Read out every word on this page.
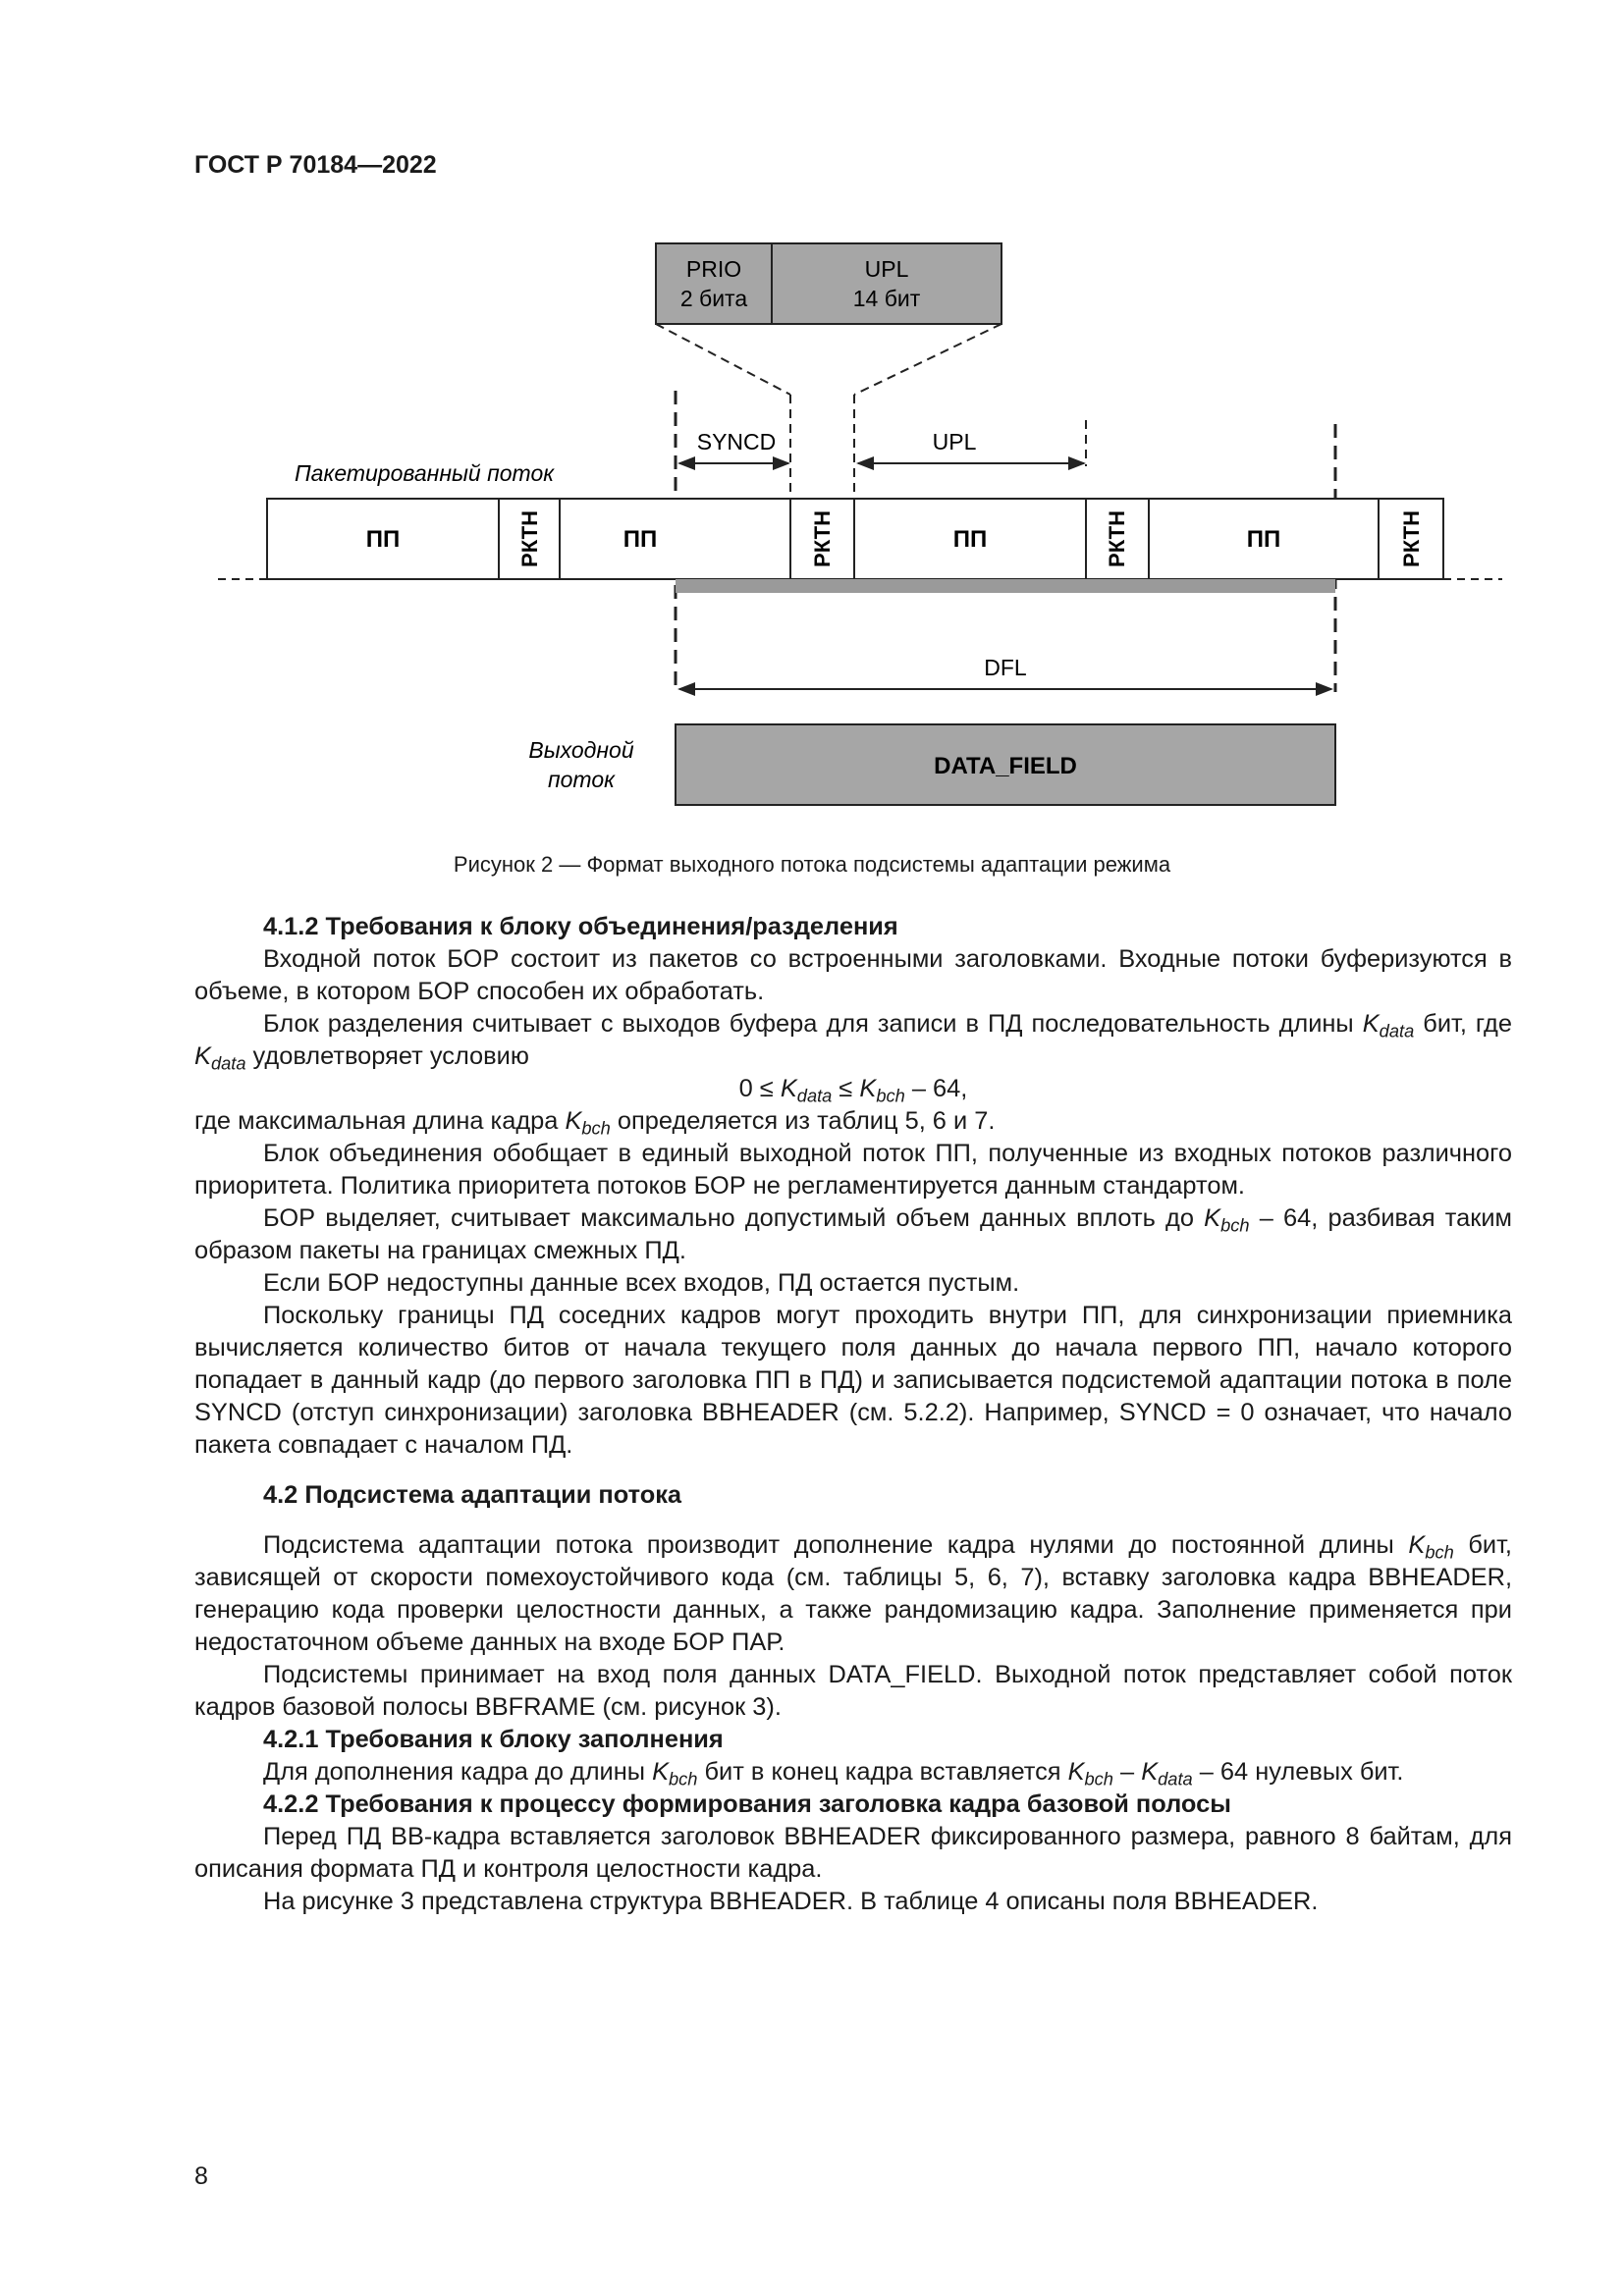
ГОСТ Р 70184—2022
PRIO
2 бита
UPL
14 бит
SYNCD	UPL
Пакетированный поток
ПП	ПП	ПП	ПП
РКТН	РКТН	РКТН	РКТН
DFL
Выходной
поток	DATA_FIELD
Рисунок 2 — Формат выходного потока подсистемы адаптации режима
4.1.2 Требования к блоку объединения/разделения

Входной поток БОР состоит из пакетов со встроенными заголовками. Входные потоки буферизуются в объеме, в котором БОР способен их обработать.

Блок разделения считывает с выходов буфера для записи в ПД последовательность длины $K_{data}$ бит, где $K_{data}$ удовлетворяет условию

$0 \le K_{data} \le K_{bch} - 64$,

где максимальная длина кадра $K_{bch}$ определяется из таблиц 5, 6 и 7.

Блок объединения обобщает в единый выходной поток ПП, полученные из входных потоков различного приоритета. Политика приоритета потоков БОР не регламентируется данным стандартом.

БОР выделяет, считывает максимально допустимый объем данных вплоть до $K_{bch} - 64$, разбивая таким образом пакеты на границах смежных ПД.

Если БОР недоступны данные всех входов, ПД остается пустым.

Поскольку границы ПД соседних кадров могут проходить внутри ПП, для синхронизации приемника вычисляется количество битов от начала текущего поля данных до начала первого ПП, начало которого попадает в данный кадр (до первого заголовка ПП в ПД) и записывается подсистемой адаптации потока в поле SYNCD (отступ синхронизации) заголовка BBHEADER (см. 5.2.2). Например, SYNCD = 0 означает, что начало пакета совпадает с началом ПД.

4.2 Подсистема адаптации потока

Подсистема адаптации потока производит дополнение кадра нулями до постоянной длины $K_{bch}$ бит, зависящей от скорости помехоустойчивого кода (см. таблицы 5, 6, 7), вставку заголовка кадра BBHEADER, генерацию кода проверки целостности данных, а также рандомизацию кадра. Заполнение применяется при недостаточном объеме данных на входе БОР ПАР.

Подсистемы принимает на вход поля данных DATA_FIELD. Выходной поток представляет собой поток кадров базовой полосы BBFRAME (см. рисунок 3).

4.2.1 Требования к блоку заполнения

Для дополнения кадра до длины $K_{bch}$ бит в конец кадра вставляется $K_{bch} - K_{data} - 64$ нулевых бит.

4.2.2 Требования к процессу формирования заголовка кадра базовой полосы

Перед ПД BB-кадра вставляется заголовок BBHEADER фиксированного размера, равного 8 байтам, для описания формата ПД и контроля целостности кадра.

На рисунке 3 представлена структура BBHEADER. В таблице 4 описаны поля BBHEADER.

8
